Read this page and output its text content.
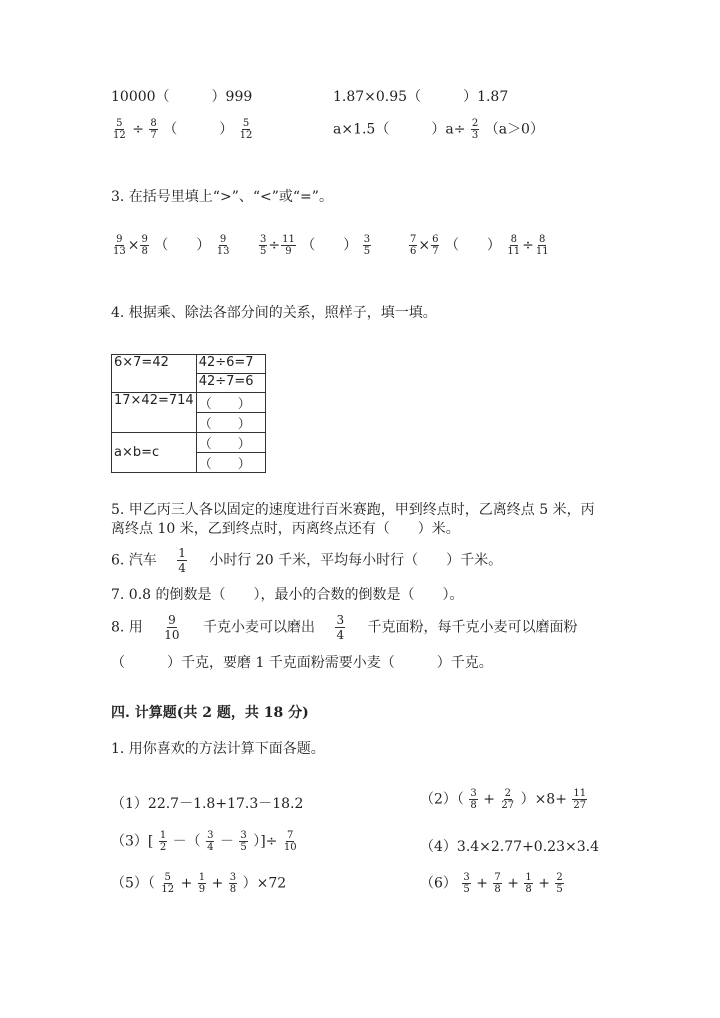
10000（　　　）999	1.87×0.95（　　　）1.87
$\frac{5}{12} \div \frac{8}{7}$ （　　　） $\frac{5}{12}$	a×1.5（　　　）$a\div \frac{2}{3} (a>0)$
3. 在括号里填上“>”、“<”或“=”。
$\frac{9}{13} \times \frac{9}{8}$ （　　） $\frac{9}{13}$	$\frac{3}{5} \div \frac{11}{9}$ （　　） $\frac{3}{5}$	$\frac{7}{6} \times \frac{6}{7}$ （　　） $\frac{8}{11} \div \frac{8}{11}$
4. 根据乘、除法各部分间的关系，照样子，填一填。
6×7=42	42÷6=7
	42÷7=6
17×42=714	（　　）
	（　　）
a×b=c	（　　）
	（　　）
5. 甲乙丙三人各以固定的速度进行百米赛跑，甲到终点时，乙离终点 5 米，丙
离终点 10 米，乙到终点时，丙离终点还有（　　）米。
6. 汽车 $\frac{1}{4}$ 小时行 20 千米，平均每小时行（　　）千米。
7. 0.8 的倒数是（　　），最小的合数的倒数是（　　）。
8. 用 $\frac{9}{10}$ 千克小麦可以磨出 $\frac{3}{4}$ 千克面粉，每千克小麦可以磨面粉
（　　　）千克，要磨 1 千克面粉需要小麦（　　　）千克。
四. 计算题(共 2 题，共 18 分)
1. 用你喜欢的方法计算下面各题。
（1）22.7－1.8+17.3－18.2	$(2)( \frac{3}{8} + \frac{2}{27} )\times 8+ \frac{11}{27}$
$(3)[ \frac{1}{2}$ －（ $\frac{3}{4} - \frac{3}{5}$ ）]÷ $\frac{7}{10}$	（4）3.4×2.77+0.23×3.4
$(5)( \frac{5}{12} + \frac{1}{9} + \frac{3}{8} )\times 72$	$(6) \frac{3}{5} + \frac{7}{8} + \frac{1}{8} + \frac{2}{5}$
